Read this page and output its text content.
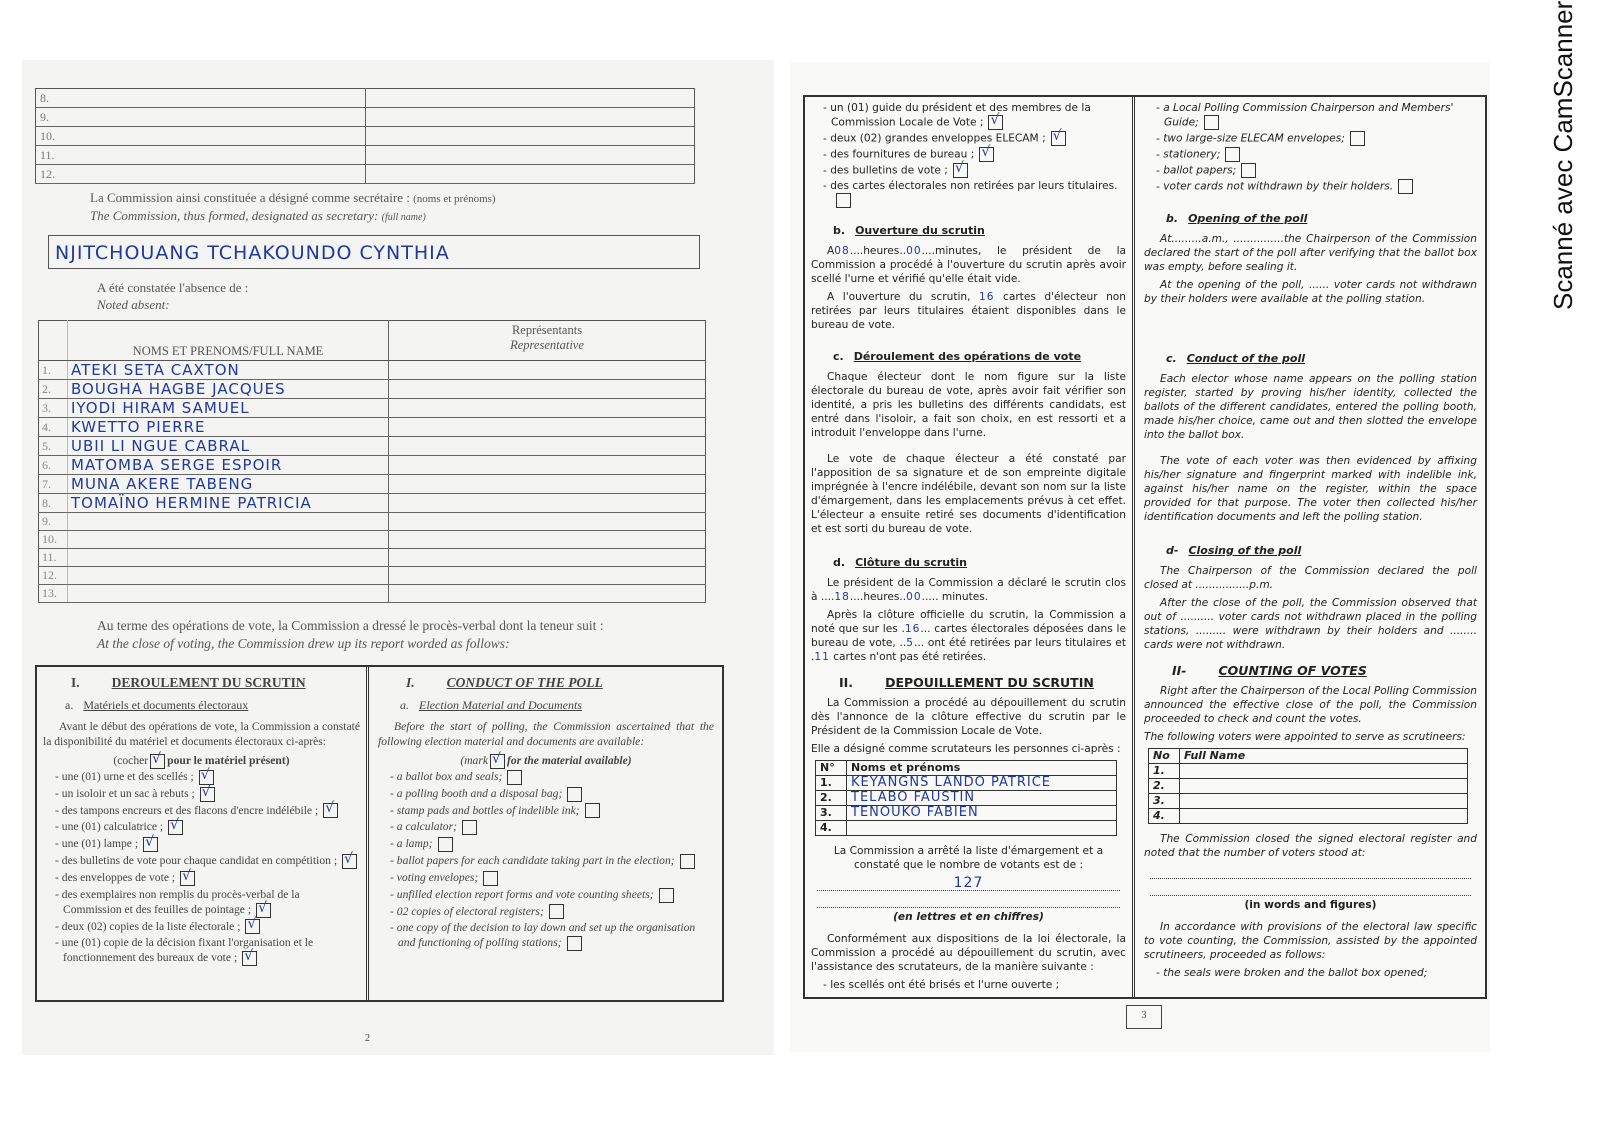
8.		
9.		
10.		
11.		
12.		
La Commission ainsi constituée a désigné comme secrétaire : (noms et prénoms)
The Commission, thus formed, designated as secretary: (full name)
NJITCHOUANG TCHAKOUNDO CYNTHIA
A été constatée l'absence de :
Noted absent:
	NOMS ET PRENOMS/FULL NAME	Représentants
Representative
1.	ATEKI SETA CAXTON	
2.	BOUGHA HAGBE JACQUES	
3.	IYODI HIRAM SAMUEL	
4.	KWETTO PIERRE	
5.	UBII LI NGUE CABRAL	
6.	MATOMBA SERGE ESPOIR	
7.	MUNA AKERE TABENG	
8.	TOMAÏNO HERMINE PATRICIA	
9.		
10.		
11.		
12.		
13.		
Au terme des opérations de vote, la Commission a dressé le procès-verbal dont la teneur suit :
At the close of voting, the Commission drew up its report worded as follows:
I. DEROULEMENT DU SCRUTIN
a. Matériels et documents électoraux

Avant le début des opérations de vote, la Commission a constaté la disponibilité du matériel et documents électoraux ci-après:

(cocher √ pour le matériel présent)
- une (01) urne et des scellés ;√
- un isoloir et un sac à rebuts ;√
- des tampons encreurs et des flacons d'encre indélébile ;√
- une (01) calculatrice ;√
- une (01) lampe ;√
- des bulletins de vote pour chaque candidat en compétition ;√
- des enveloppes de vote ;√
- des exemplaires non remplis du procès-verbal de la Commission et des feuilles de pointage ;√
- deux (02) copies de la liste électorale ;√
- une (01) copie de la décision fixant l'organisation et le fonctionnement des bureaux de vote ;√
I. CONDUCT OF THE POLL
a. Election Material and Documents

Before the start of polling, the Commission ascertained that the following election material and documents are available:

(mark √ for the material available)
- a ballot box and seals;
- a polling booth and a disposal bag;
- stamp pads and bottles of indelible ink;
- a calculator;
- a lamp;
- ballot papers for each candidate taking part in the election;
- voting envelopes;
- unfilled election report forms and vote counting sheets;
- 02 copies of electoral registers;
- one copy of the decision to lay down and set up the organisation and functioning of polling stations;
2
- un (01) guide du président et des membres de la Commission Locale de Vote ;√
- deux (02) grandes enveloppes ELECAM ;√
- des fournitures de bureau ;√
- des bulletins de vote ;√
- des cartes électorales non retirées par leurs titulaires.
b. Ouverture du scrutin

A08....heures..00....minutes, le président de la Commission a procédé à l'ouverture du scrutin après avoir scellé l'urne et vérifié qu'elle était vide.

A l'ouverture du scrutin, 16 cartes d'électeur non retirées par leurs titulaires étaient disponibles dans le bureau de vote.

c. Déroulement des opérations de vote

Chaque électeur dont le nom figure sur la liste électorale du bureau de vote, après avoir fait vérifier son identité, a pris les bulletins des différents candidats, est entré dans l'isoloir, a fait son choix, en est ressorti et a introduit l'enveloppe dans l'urne.

Le vote de chaque électeur a été constaté par l'apposition de sa signature et de son empreinte digitale imprégnée à l'encre indélébile, devant son nom sur la liste d'émargement, dans les emplacements prévus à cet effet. L'électeur a ensuite retiré ses documents d'identification et est sorti du bureau de vote.

d. Clôture du scrutin

Le président de la Commission a déclaré le scrutin clos à ....18....heures..00..... minutes.

Après la clôture officielle du scrutin, la Commission a noté que sur les .16... cartes électorales déposées dans le bureau de vote, ..5... ont été retirées par leurs titulaires et .11 cartes n'ont pas été retirées.

II.	DEPOUILLEMENT DU SCRUTIN

La Commission a procédé au dépouillement du scrutin dès l'annonce de la clôture effective du scrutin par le Président de la Commission Locale de Vote.

Elle a désigné comme scrutateurs les personnes ci-après :

N°	Noms et prénoms
1.	KEYANGNS LANDO PATRICE
2.	TELABO FAUSTIN
3.	TENOUKO FABIEN
4.	

La Commission a arrêté la liste d'émargement et a constaté que le nombre de votants est de :

127
(en lettres et en chiffres)

Conformément aux dispositions de la loi électorale, la Commission a procédé au dépouillement du scrutin, avec l'assistance des scrutateurs, de la manière suivante :

- les scellés ont été brisés et l'urne ouverte ;
- a Local Polling Commission Chairperson and Members' Guide;
- two large-size ELECAM envelopes;
- stationery;
- ballot papers;
- voter cards not withdrawn by their holders.
b. Opening of the poll

At.........a.m., ...............the Chairperson of the Commission declared the start of the poll after verifying that the ballot box was empty, before sealing it.

At the opening of the poll, ...... voter cards not withdrawn by their holders were available at the polling station.

c. Conduct of the poll

Each elector whose name appears on the polling station register, started by proving his/her identity, collected the ballots of the different candidates, entered the polling booth, made his/her choice, came out and then slotted the envelope into the ballot box.

The vote of each voter was then evidenced by affixing his/her signature and fingerprint marked with indelible ink, against his/her name on the register, within the space provided for that purpose. The voter then collected his/her identification documents and left the polling station.

d- Closing of the poll

The Chairperson of the Commission declared the poll closed at ................p.m.

After the close of the poll, the Commission observed that out of .......... voter cards not withdrawn placed in the polling stations, ......... were withdrawn by their holders and ........ cards were not withdrawn.

II-	COUNTING OF VOTES

Right after the Chairperson of the Local Polling Commission announced the effective close of the poll, the Commission proceeded to check and count the votes.

The following voters were appointed to serve as scrutineers:

No	Full Name
1.	
2.	
3.	
4.	

The Commission closed the signed electoral register and noted that the number of voters stood at:

(in words and figures)

In accordance with provisions of the electoral law specific to vote counting, the Commission, assisted by the appointed scrutineers, proceeded as follows:

- the seals were broken and the ballot box opened;
3
Scanné avec CamScanner
